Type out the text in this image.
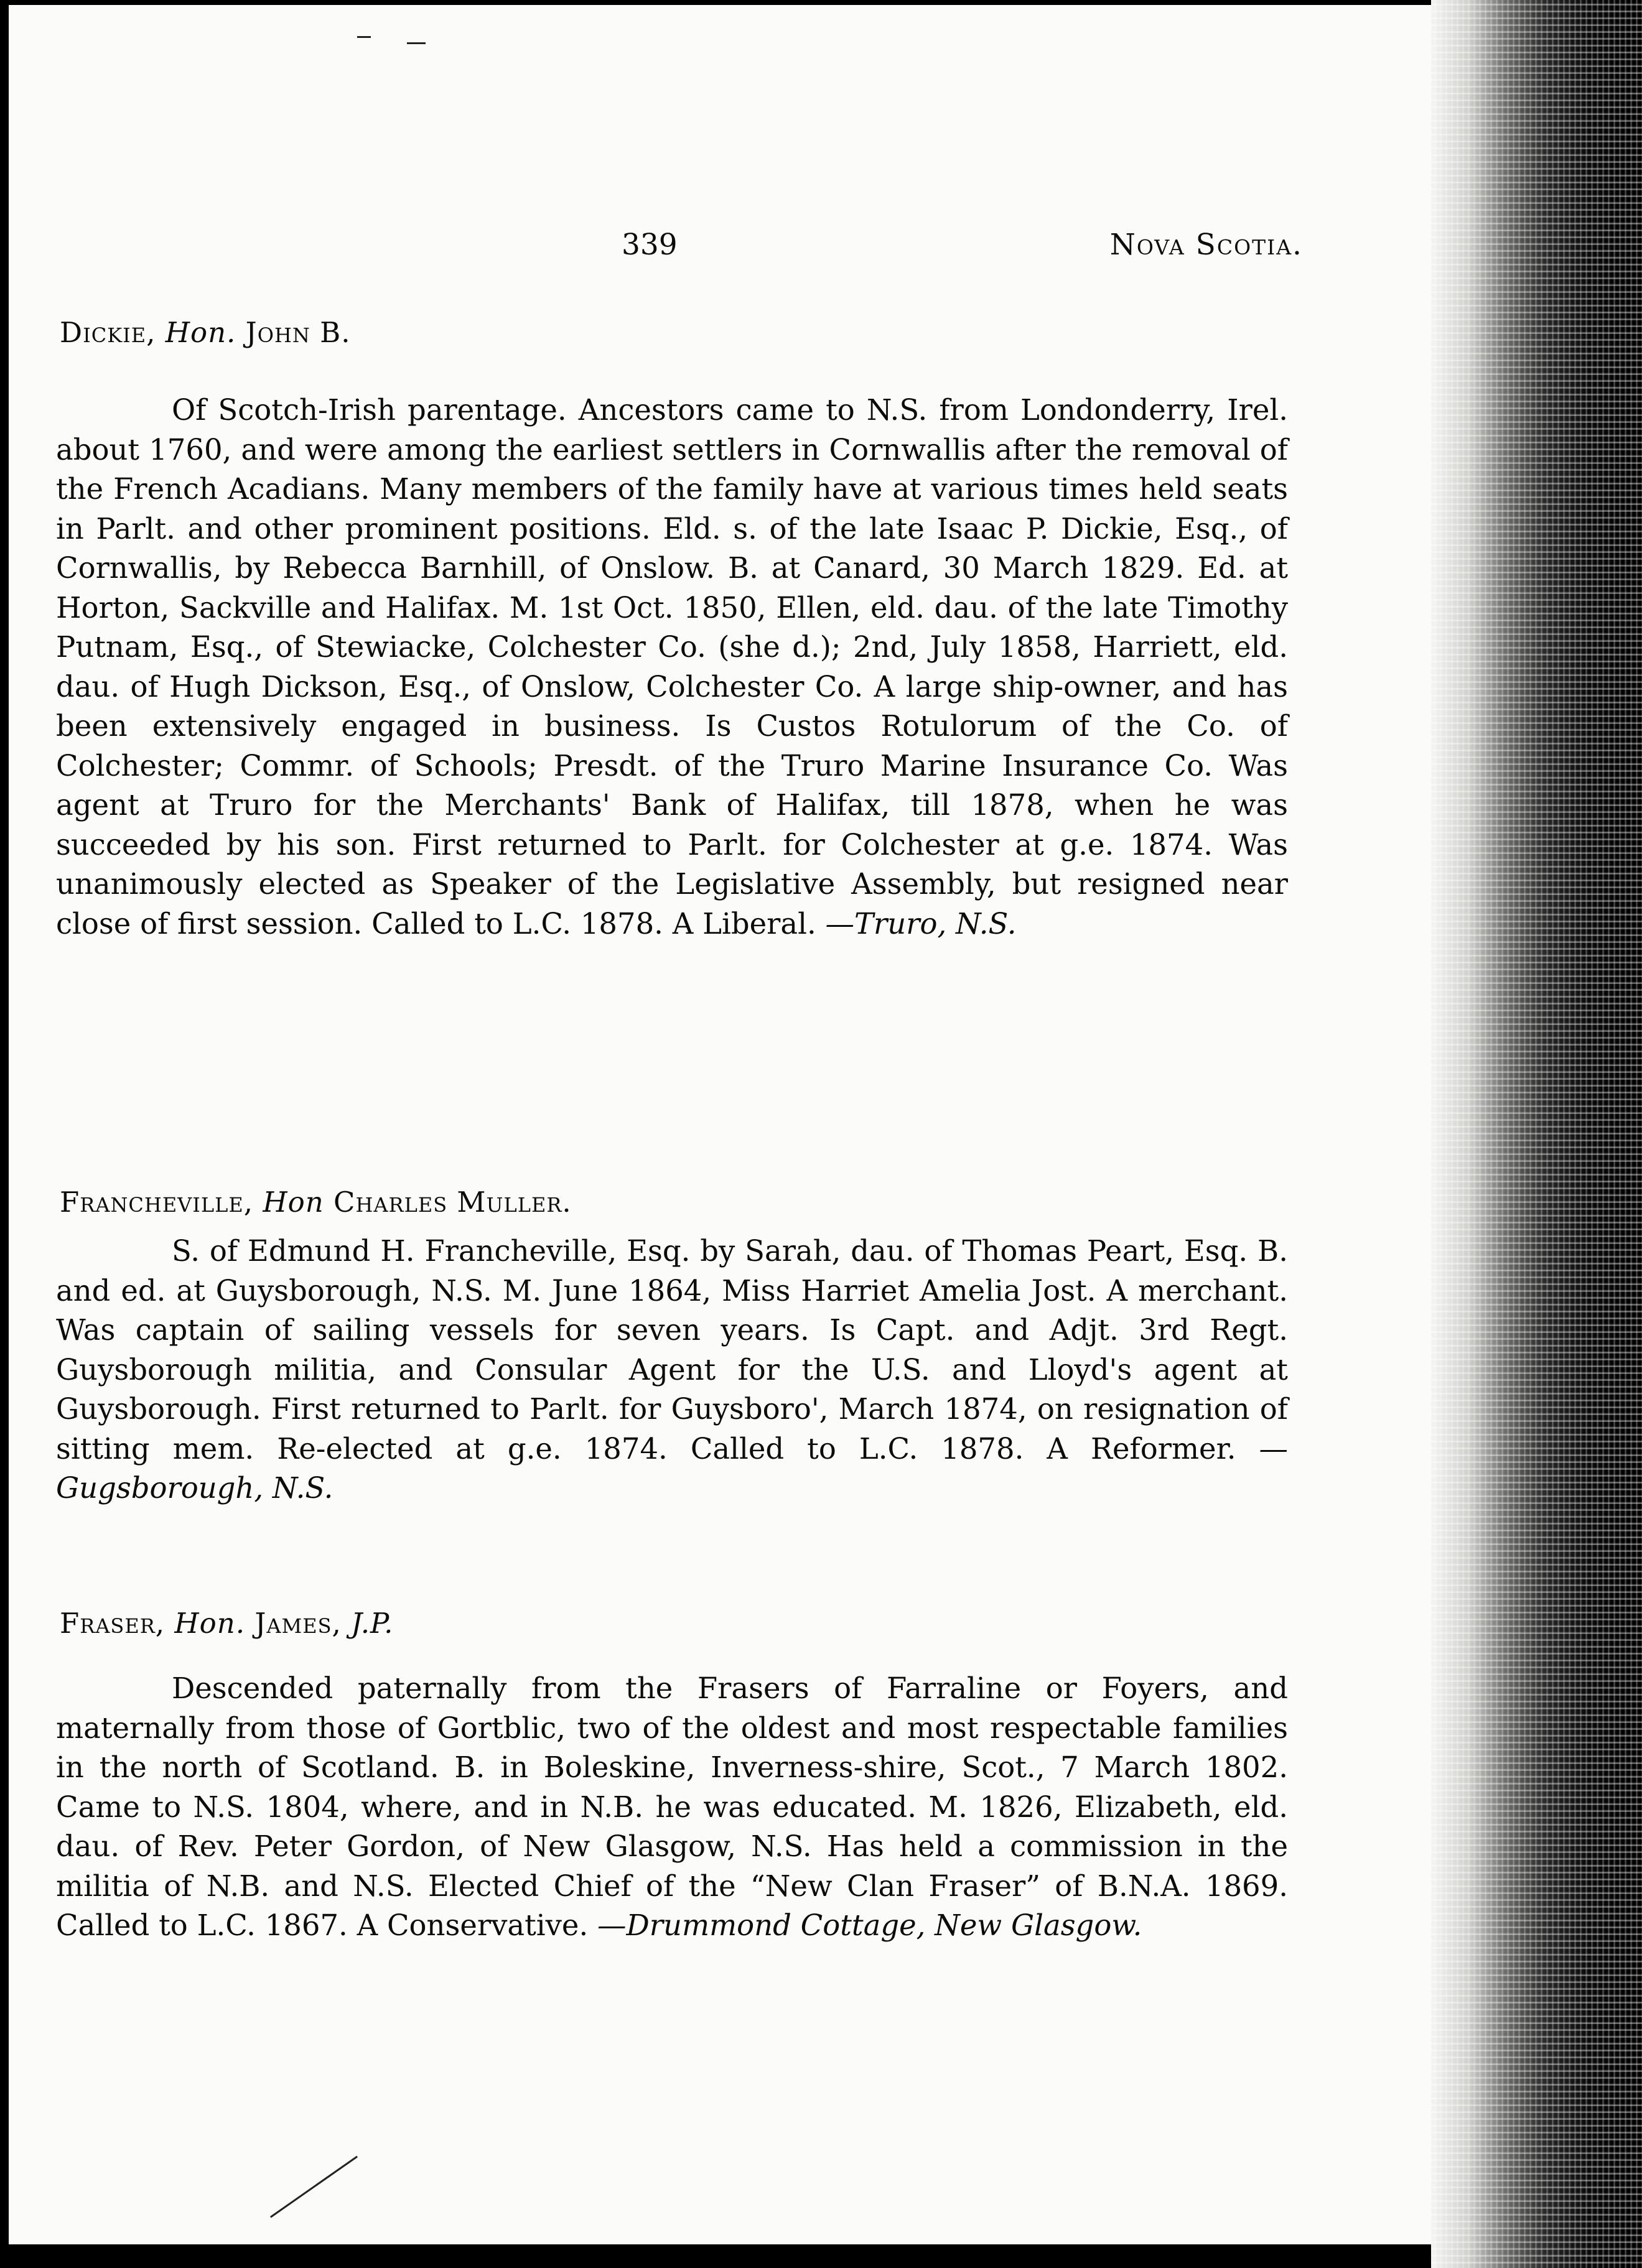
339	Nova Scotia.
Dickie, Hon. John B.
Of Scotch-Irish parentage. Ancestors came to N.S. from Londonderry, Irel. about 1760, and were among the earliest settlers in Cornwallis after the removal of the French Acadians. Many members of the family have at various times held seats in Parlt. and other prominent positions. Eld. s. of the late Isaac P. Dickie, Esq., of Cornwallis, by Rebecca Barnhill, of Onslow. B. at Canard, 30 March 1829. Ed. at Horton, Sackville and Halifax. M. 1st Oct. 1850, Ellen, eld. dau. of the late Timothy Putnam, Esq., of Stewiacke, Colchester Co. (she d.); 2nd, July 1858, Harriett, eld. dau. of Hugh Dickson, Esq., of Onslow, Colchester Co. A large ship-owner, and has been extensively engaged in business. Is Custos Rotulorum of the Co. of Colchester; Commr. of Schools; Presdt. of the Truro Marine Insurance Co. Was agent at Truro for the Merchants' Bank of Halifax, till 1878, when he was succeeded by his son. First returned to Parlt. for Colchester at g.e. 1874. Was unanimously elected as Speaker of the Legislative Assembly, but resigned near close of first session. Called to L.C. 1878. A Liberal. —Truro, N.S.
Francheville, Hon Charles Muller.
S. of Edmund H. Francheville, Esq. by Sarah, dau. of Thomas Peart, Esq. B. and ed. at Guysborough, N.S. M. June 1864, Miss Harriet Amelia Jost. A merchant. Was captain of sailing vessels for seven years. Is Capt. and Adjt. 3rd Regt. Guysborough militia, and Consular Agent for the U.S. and Lloyd's agent at Guysborough. First returned to Parlt. for Guysboro', March 1874, on resignation of sitting mem. Re-elected at g.e. 1874. Called to L.C. 1878. A Reformer. — Gugsborough, N.S.
Fraser, Hon. James, J.P.
Descended paternally from the Frasers of Farraline or Foyers, and maternally from those of Gortblic, two of the oldest and most respectable families in the north of Scotland. B. in Boleskine, Inverness-shire, Scot., 7 March 1802. Came to N.S. 1804, where, and in N.B. he was educated. M. 1826, Elizabeth, eld. dau. of Rev. Peter Gordon, of New Glasgow, N.S. Has held a commission in the militia of N.B. and N.S. Elected Chief of the “New Clan Fraser” of B.N.A. 1869. Called to L.C. 1867. A Conservative. —Drummond Cottage, New Glasgow.
